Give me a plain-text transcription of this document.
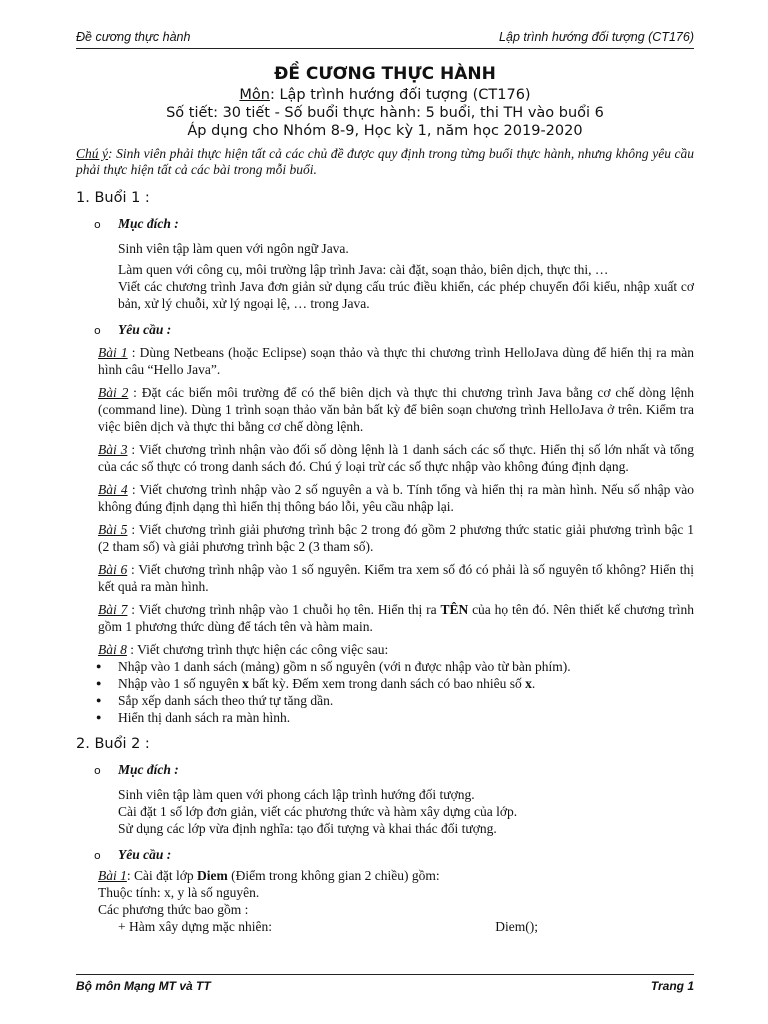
Đề cương thực hành	Lập trình hướng đối tượng (CT176)
ĐỀ CƯƠNG THỰC HÀNH
Môn: Lập trình hướng đối tượng (CT176)
Số tiết: 30 tiết - Số buổi thực hành: 5 buổi, thi TH vào buổi 6
Áp dụng cho Nhóm 8-9, Học kỳ 1, năm học 2019-2020
Chú ý: Sinh viên phải thực hiện tất cả các chủ đề được quy định trong từng buổi thực hành, nhưng không yêu cầu phải thực hiện tất cả các bài trong mỗi buổi.
1. Buổi 1 :
o Mục đích :
Sinh viên tập làm quen với ngôn ngữ Java.
Làm quen với công cụ, môi trường lập trình Java: cài đặt, soạn thảo, biên dịch, thực thi, …
Viết các chương trình Java đơn giản sử dụng cấu trúc điều khiển, các phép chuyển đổi kiểu, nhập xuất cơ bản, xử lý chuỗi, xử lý ngoại lệ, … trong Java.
o Yêu cầu :
Bài 1 : Dùng Netbeans (hoặc Eclipse) soạn thảo và thực thi chương trình HelloJava dùng để hiển thị ra màn hình câu “Hello Java”.
Bài 2 : Đặt các biến môi trường để có thể biên dịch và thực thi chương trình Java bằng cơ chế dòng lệnh (command line). Dùng 1 trình soạn thảo văn bản bất kỳ để biên soạn chương trình HelloJava ở trên. Kiểm tra việc biên dịch và thực thi bằng cơ chế dòng lệnh.
Bài 3 : Viết chương trình nhận vào đối số dòng lệnh là 1 danh sách các số thực. Hiển thị số lớn nhất và tổng của các số thực có trong danh sách đó. Chú ý loại trừ các số thực nhập vào không đúng định dạng.
Bài 4 : Viết chương trình nhập vào 2 số nguyên a và b. Tính tổng và hiển thị ra màn hình. Nếu số nhập vào không đúng định dạng thì hiển thị thông báo lỗi, yêu cầu nhập lại.
Bài 5 : Viết chương trình giải phương trình bậc 2 trong đó gồm 2 phương thức static giải phương trình bậc 1 (2 tham số) và giải phương trình bậc 2 (3 tham số).
Bài 6 : Viết chương trình nhập vào 1 số nguyên. Kiểm tra xem số đó có phải là số nguyên tố không? Hiển thị kết quả ra màn hình.
Bài 7 : Viết chương trình nhập vào 1 chuỗi họ tên. Hiển thị ra TÊN của họ tên đó. Nên thiết kế chương trình gồm 1 phương thức dùng để tách tên và hàm main.
Bài 8 : Viết chương trình thực hiện các công việc sau:
● Nhập vào 1 danh sách (mảng) gồm n số nguyên (với n được nhập vào từ bàn phím).
● Nhập vào 1 số nguyên x bất kỳ. Đếm xem trong danh sách có bao nhiêu số x.
● Sắp xếp danh sách theo thứ tự tăng dần.
● Hiển thị danh sách ra màn hình.
2. Buổi 2 :
o Mục đích :
Sinh viên tập làm quen với phong cách lập trình hướng đối tượng.
Cài đặt 1 số lớp đơn giản, viết các phương thức và hàm xây dựng của lớp.
Sử dụng các lớp vừa định nghĩa: tạo đối tượng và khai thác đối tượng.
o Yêu cầu :
Bài 1: Cài đặt lớp Diem (Điểm trong không gian 2 chiều) gồm:
Thuộc tính: x, y là số nguyên.
Các phương thức bao gồm :
+ Hàm xây dựng mặc nhiên:	Diem();
Bộ môn Mạng MT và TT	Trang 1
